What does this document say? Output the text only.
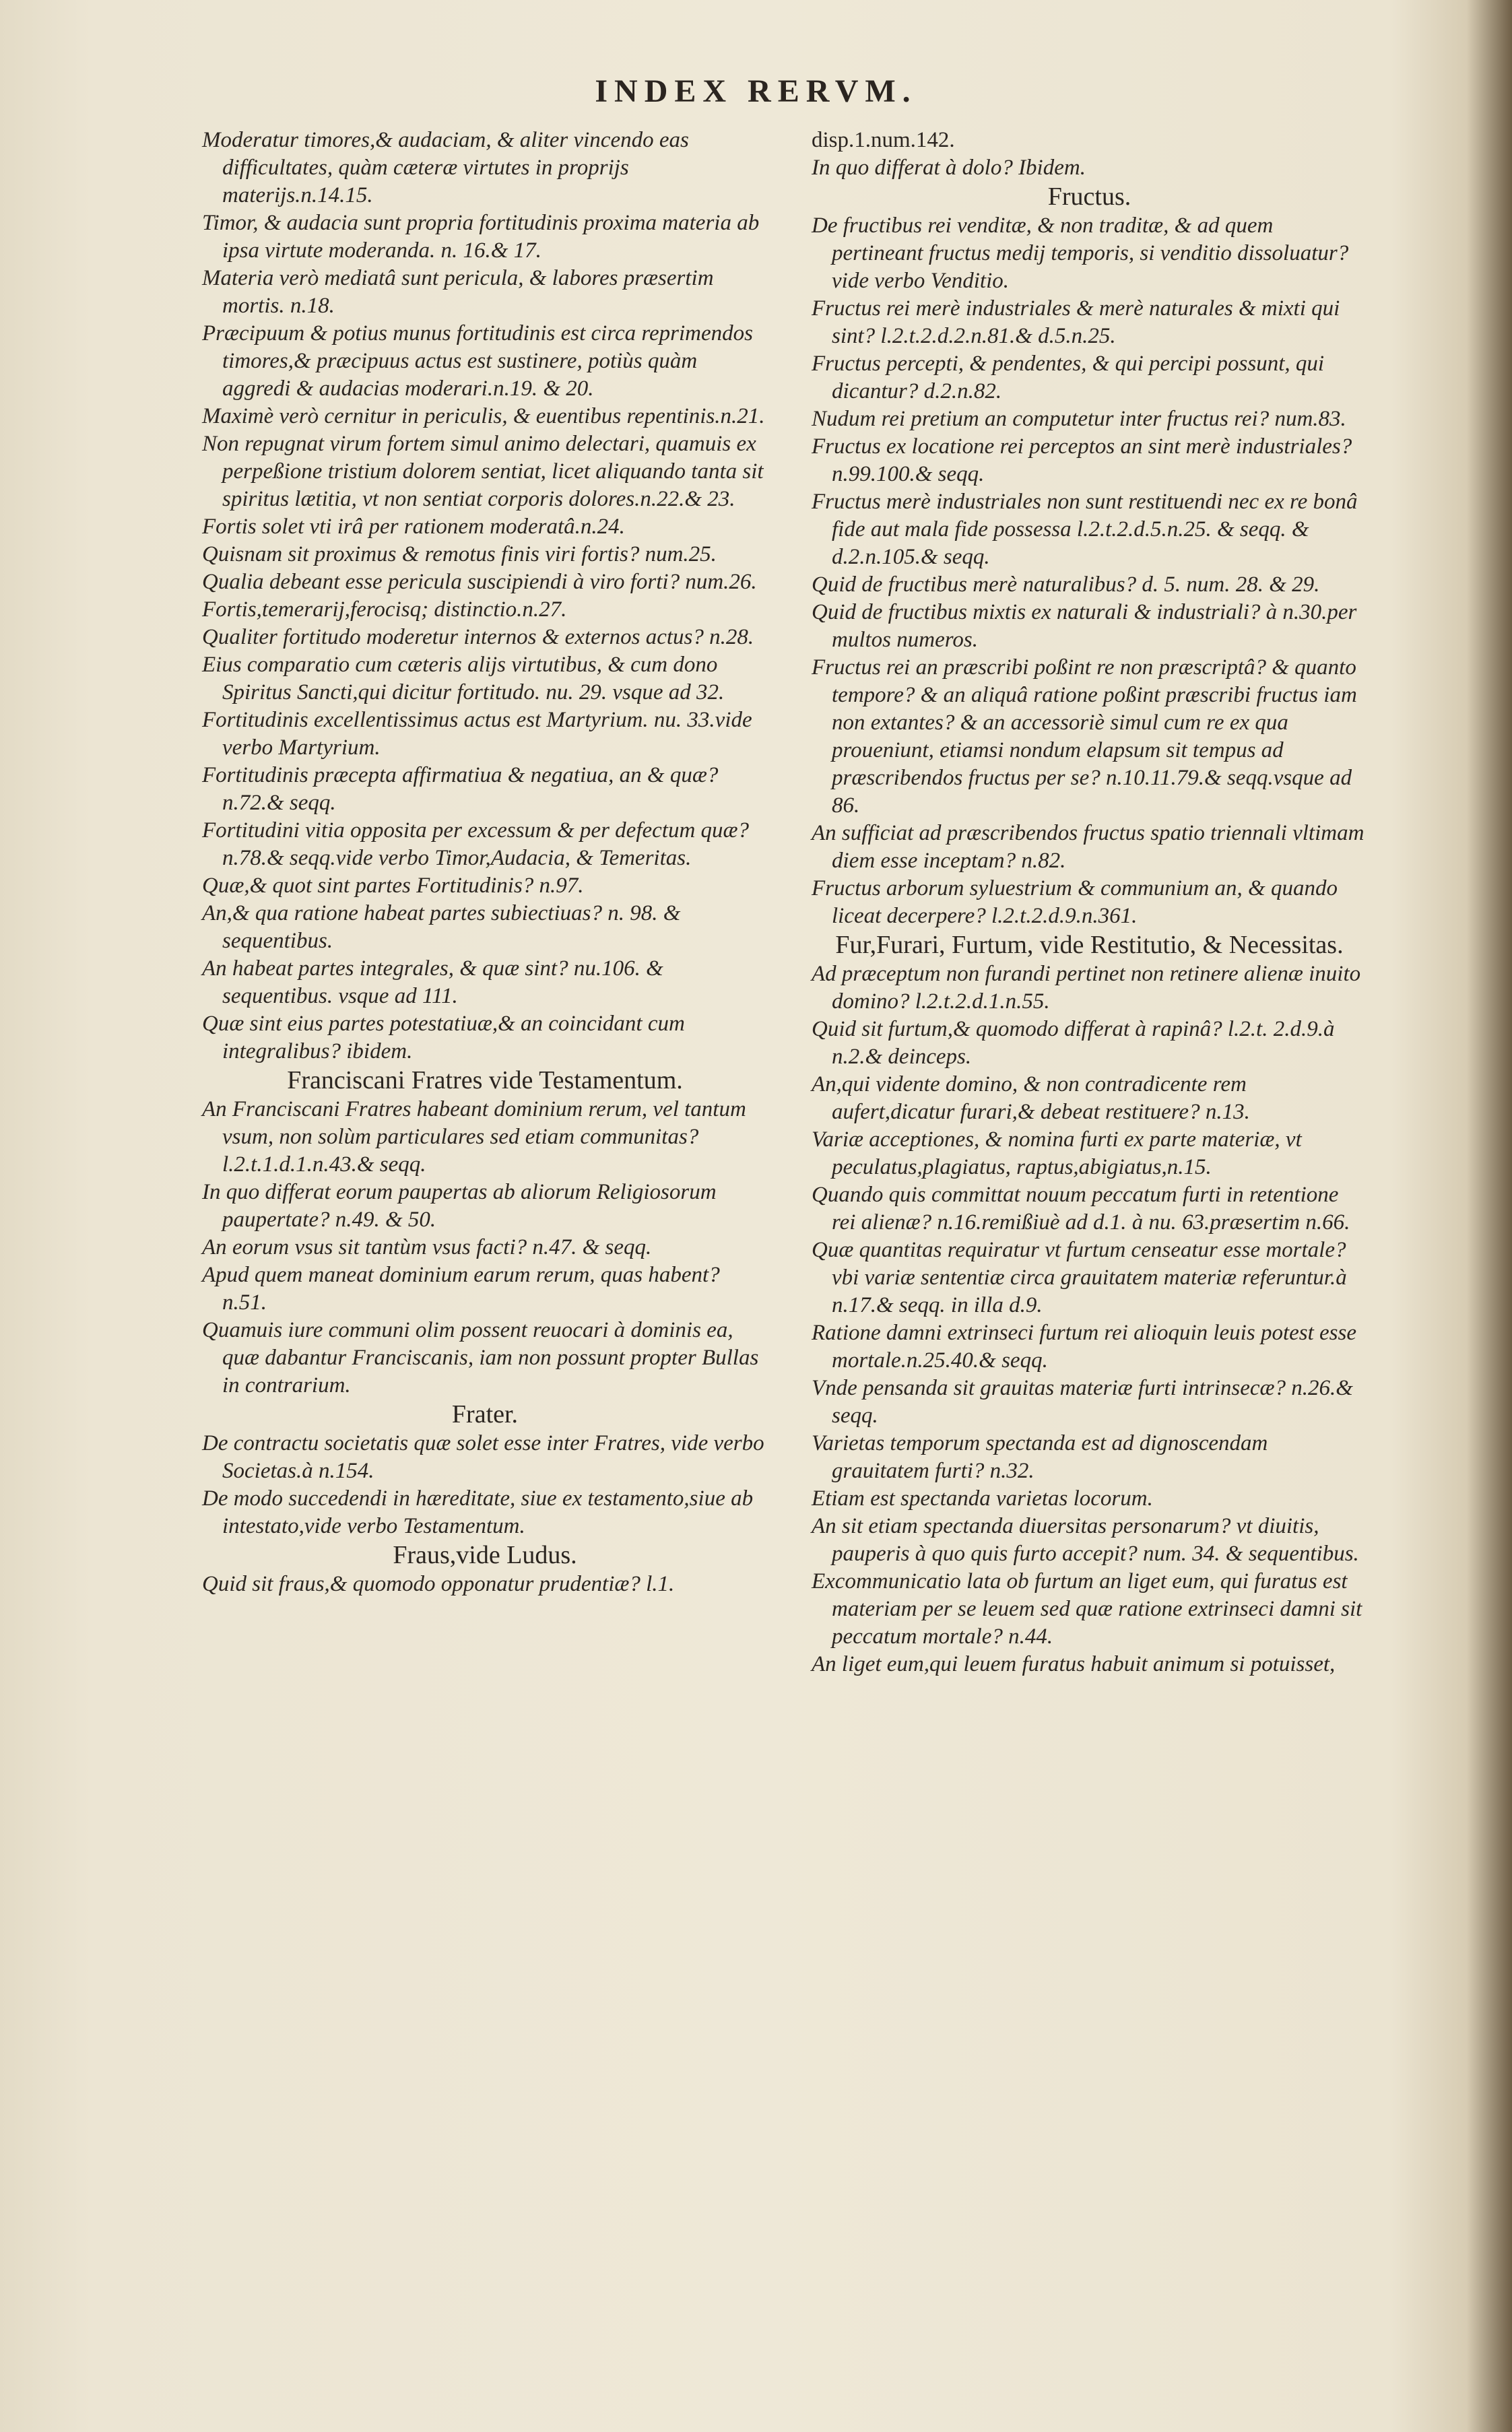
INDEX RERVM.

Moderatur timores,& audaciam, & aliter vincendo eas difficultates, quàm cæteræ virtutes in proprijs materijs.n.14.15.

Timor, & audacia sunt propria fortitudinis proxima materia ab ipsa virtute moderanda. n. 16.& 17.

Materia verò mediatâ sunt pericula, & labores præsertim mortis. n.18.

Præcipuum & potius munus fortitudinis est circa reprimendos timores,& præcipuus actus est sustinere, potiùs quàm aggredi & audacias moderari.n.19. & 20.

Maximè verò cernitur in periculis, & euentibus repentinis.n.21.

Non repugnat virum fortem simul animo delectari, quamuis ex perpeßione tristium dolorem sentiat, licet aliquando tanta sit spiritus lætitia, vt non sentiat corporis dolores.n.22.& 23.

Fortis solet vti irâ per rationem moderatâ.n.24.

Quisnam sit proximus & remotus finis viri fortis? num.25.

Qualia debeant esse pericula suscipiendi à viro forti? num.26.

Fortis,temerarij,ferocisq; distinctio.n.27.

Qualiter fortitudo moderetur internos & externos actus? n.28.

Eius comparatio cum cæteris alijs virtutibus, & cum dono Spiritus Sancti,qui dicitur fortitudo. nu. 29. vsque ad 32.

Fortitudinis excellentissimus actus est Martyrium. nu. 33.vide verbo Martyrium.

Fortitudinis præcepta affirmatiua & negatiua, an & quæ? n.72.& seqq.

Fortitudini vitia opposita per excessum & per defectum quæ? n.78.& seqq.vide verbo Timor,Audacia, & Temeritas.

Quæ,& quot sint partes Fortitudinis? n.97.

An,& qua ratione habeat partes subiectiuas? n. 98. & sequentibus.

An habeat partes integrales, & quæ sint? nu.106. & sequentibus. vsque ad 111.

Quæ sint eius partes potestatiuæ,& an coincidant cum integralibus? ibidem.

Franciscani Fratres vide Testamentum.

An Franciscani Fratres habeant dominium rerum, vel tantum vsum, non solùm particulares sed etiam communitas? l.2.t.1.d.1.n.43.& seqq.

In quo differat eorum paupertas ab aliorum Religiosorum paupertate? n.49. & 50.

An eorum vsus sit tantùm vsus facti? n.47. & seqq.

Apud quem maneat dominium earum rerum, quas habent? n.51.

Quamuis iure communi olim possent reuocari à dominis ea, quæ dabantur Franciscanis, iam non possunt propter Bullas in contrarium.

Frater.

De contractu societatis quæ solet esse inter Fratres, vide verbo Societas.à n.154.

De modo succedendi in hæreditate, siue ex testamento,siue ab intestato,vide verbo Testamentum.

Fraus,vide Ludus.

Quid sit fraus,& quomodo opponatur prudentiæ? l.1.

disp.1.num.142.

In quo differat à dolo? Ibidem.

Fructus.

De fructibus rei venditæ, & non traditæ, & ad quem pertineant fructus medij temporis, si venditio dissoluatur? vide verbo Venditio.

Fructus rei merè industriales & merè naturales & mixti qui sint? l.2.t.2.d.2.n.81.& d.5.n.25.

Fructus percepti, & pendentes, & qui percipi possunt, qui dicantur? d.2.n.82.

Nudum rei pretium an computetur inter fructus rei? num.83.

Fructus ex locatione rei perceptos an sint merè industriales? n.99.100.& seqq.

Fructus merè industriales non sunt restituendi nec ex re bonâ fide aut mala fide possessa l.2.t.2.d.5.n.25. & seqq. & d.2.n.105.& seqq.

Quid de fructibus merè naturalibus? d. 5. num. 28. & 29.

Quid de fructibus mixtis ex naturali & industriali? à n.30.per multos numeros.

Fructus rei an præscribi poßint re non præscriptâ? & quanto tempore? & an aliquâ ratione poßint præscribi fructus iam non extantes? & an accessoriè simul cum re ex qua proueniunt, etiamsi nondum elapsum sit tempus ad præscribendos fructus per se? n.10.11.79.& seqq.vsque ad 86.

An sufficiat ad præscribendos fructus spatio triennali vltimam diem esse inceptam? n.82.

Fructus arborum syluestrium & communium an, & quando liceat decerpere? l.2.t.2.d.9.n.361.

Fur,Furari, Furtum, vide Restitutio, & Necessitas.

Ad præceptum non furandi pertinet non retinere alienæ inuito domino? l.2.t.2.d.1.n.55.

Quid sit furtum,& quomodo differat à rapinâ? l.2.t. 2.d.9.à n.2.& deinceps.

An,qui vidente domino, & non contradicente rem aufert,dicatur furari,& debeat restituere? n.13.

Variæ acceptiones, & nomina furti ex parte materiæ, vt peculatus,plagiatus, raptus,abigiatus,n.15.

Quando quis committat nouum peccatum furti in retentione rei alienæ? n.16.remißiuè ad d.1. à nu. 63.præsertim n.66.

Quæ quantitas requiratur vt furtum censeatur esse mortale? vbi variæ sententiæ circa grauitatem materiæ referuntur.à n.17.& seqq. in illa d.9.

Ratione damni extrinseci furtum rei alioquin leuis potest esse mortale.n.25.40.& seqq.

Vnde pensanda sit grauitas materiæ furti intrinsecæ? n.26.& seqq.

Varietas temporum spectanda est ad dignoscendam grauitatem furti? n.32.

Etiam est spectanda varietas locorum.

An sit etiam spectanda diuersitas personarum? vt diuitis, pauperis à quo quis furto accepit? num. 34. & sequentibus.

Excommunicatio lata ob furtum an liget eum, qui furatus est materiam per se leuem sed quæ ratione extrinseci damni sit peccatum mortale? n.44.

An liget eum,qui leuem furatus habuit animum si potuisset,
